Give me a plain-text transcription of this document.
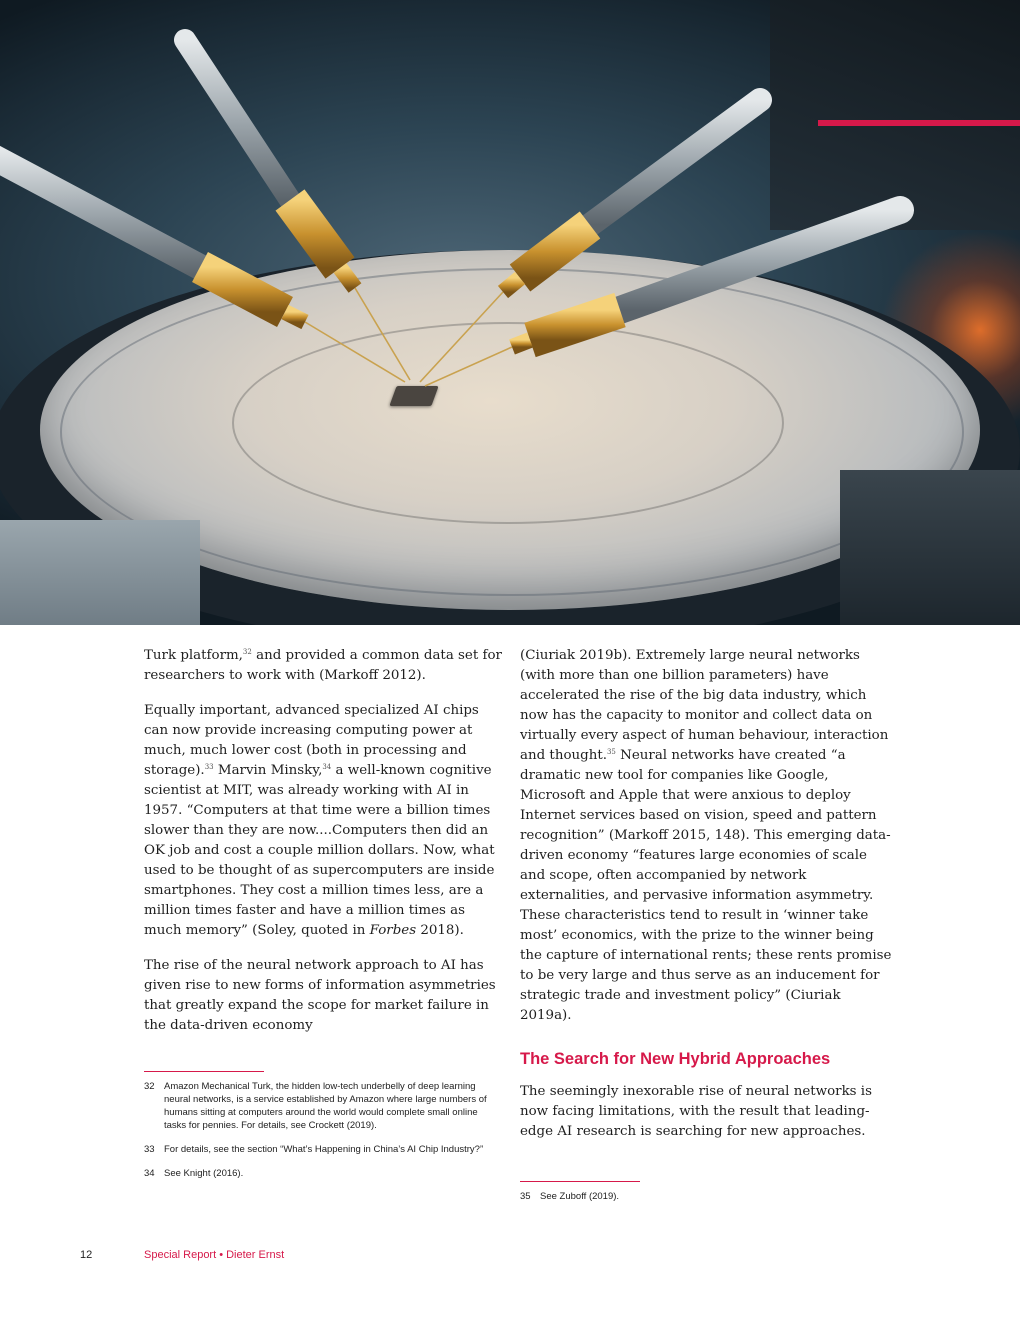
Turk platform,$^{32}$ and provided a common data set for researchers to work with (Markoff 2012).

Equally important, advanced specialized AI chips can now provide increasing computing power at much, much lower cost (both in processing and storage).$^{33}$ Marvin Minsky,$^{34}$ a well-known cognitive scientist at MIT, was already working with AI in 1957. “Computers at that time were a billion times slower than they are now....Computers then did an OK job and cost a couple million dollars. Now, what used to be thought of as supercomputers are inside smartphones. They cost a million times less, are a million times faster and have a million times as much memory” (Soley, quoted in Forbes 2018).

The rise of the neural network approach to AI has given rise to new forms of information asymmetries that greatly expand the scope for market failure in the data-driven economy

(Ciuriak 2019b). Extremely large neural networks (with more than one billion parameters) have accelerated the rise of the big data industry, which now has the capacity to monitor and collect data on virtually every aspect of human behaviour, interaction and thought.$^{35}$ Neural networks have created “a dramatic new tool for companies like Google, Microsoft and Apple that were anxious to deploy Internet services based on vision, speed and pattern recognition” (Markoff 2015, 148). This emerging data-driven economy “features large economies of scale and scope, often accompanied by network externalities, and pervasive information asymmetry. These characteristics tend to result in ‘winner take most’ economics, with the prize to the winner being the capture of international rents; these rents promise to be very large and thus serve as an inducement for strategic trade and investment policy” (Ciuriak 2019a).

The Search for New Hybrid Approaches

The seemingly inexorable rise of neural networks is now facing limitations, with the result that leading-edge AI research is searching for new approaches.

32 Amazon Mechanical Turk, the hidden low-tech underbelly of deep learning neural networks, is a service established by Amazon where large numbers of humans sitting at computers around the world would complete small online tasks for pennies. For details, see Crockett (2019).
33 For details, see the section “What’s Happening in China’s AI Chip Industry?”
34 See Knight (2016).
35 See Zuboff (2019).
12	Special Report • Dieter Ernst
